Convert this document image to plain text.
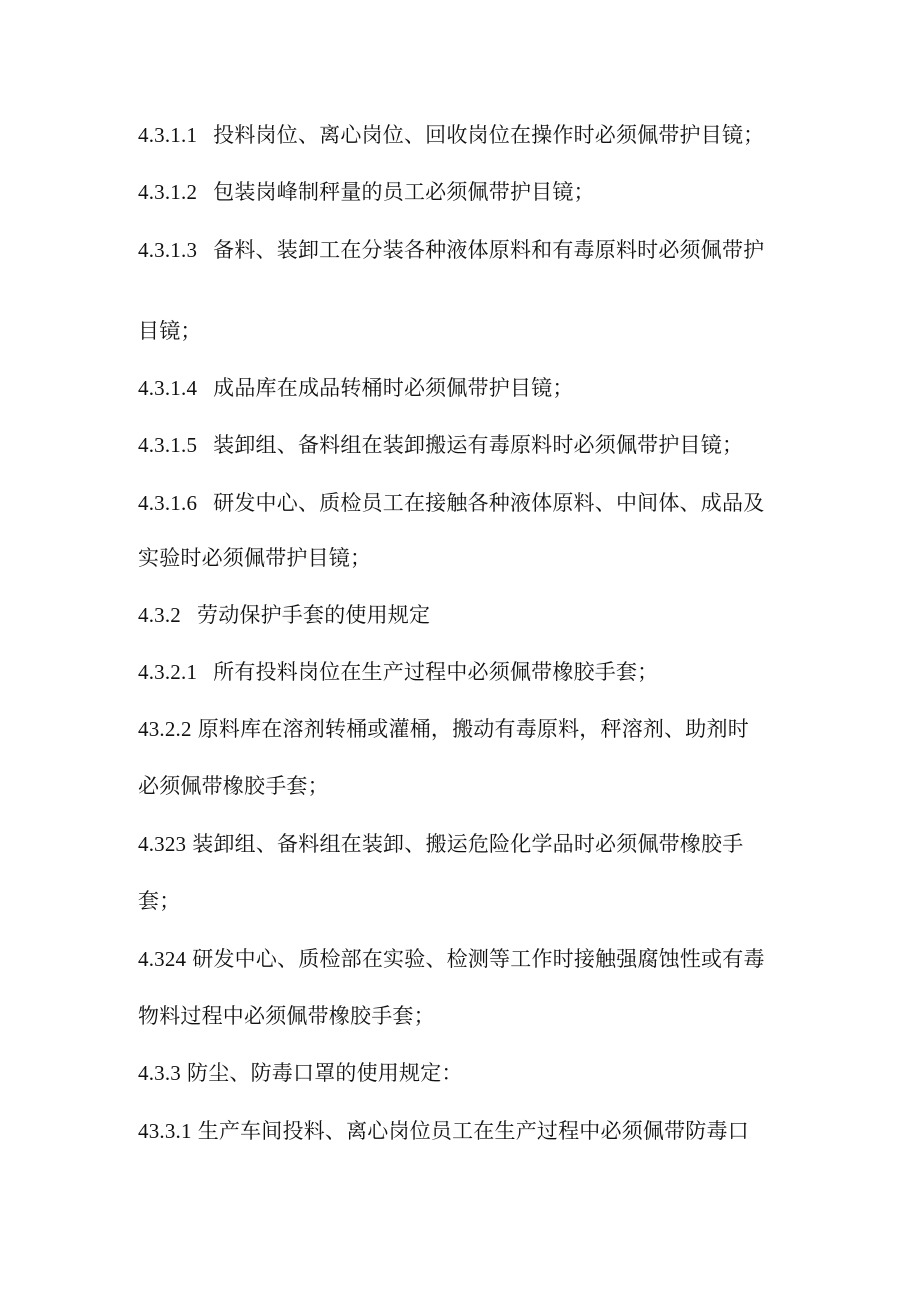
4.3.1.1 投料岗位、离心岗位、回收岗位在操作时必须佩带护目镜；
4.3.1.2 包装岗峰制秤量的员工必须佩带护目镜；
4.3.1.3 备料、装卸工在分装各种液体原料和有毒原料时必须佩带护
目镜；
4.3.1.4 成品库在成品转桶时必须佩带护目镜；
4.3.1.5 装卸组、备料组在装卸搬运有毒原料时必须佩带护目镜；
4.3.1.6 研发中心、质检员工在接触各种液体原料、中间体、成品及
实验时必须佩带护目镜；
4.3.2 劳动保护手套的使用规定
4.3.2.1 所有投料岗位在生产过程中必须佩带橡胶手套；
43.2.2 原料库在溶剂转桶或灌桶，搬动有毒原料，秤溶剂、助剂时
必须佩带橡胶手套；
4.323 装卸组、备料组在装卸、搬运危险化学品时必须佩带橡胶手
套；
4.324 研发中心、质检部在实验、检测等工作时接触强腐蚀性或有毒
物料过程中必须佩带橡胶手套；
4.3.3 防尘、防毒口罩的使用规定：
43.3.1 生产车间投料、离心岗位员工在生产过程中必须佩带防毒口
